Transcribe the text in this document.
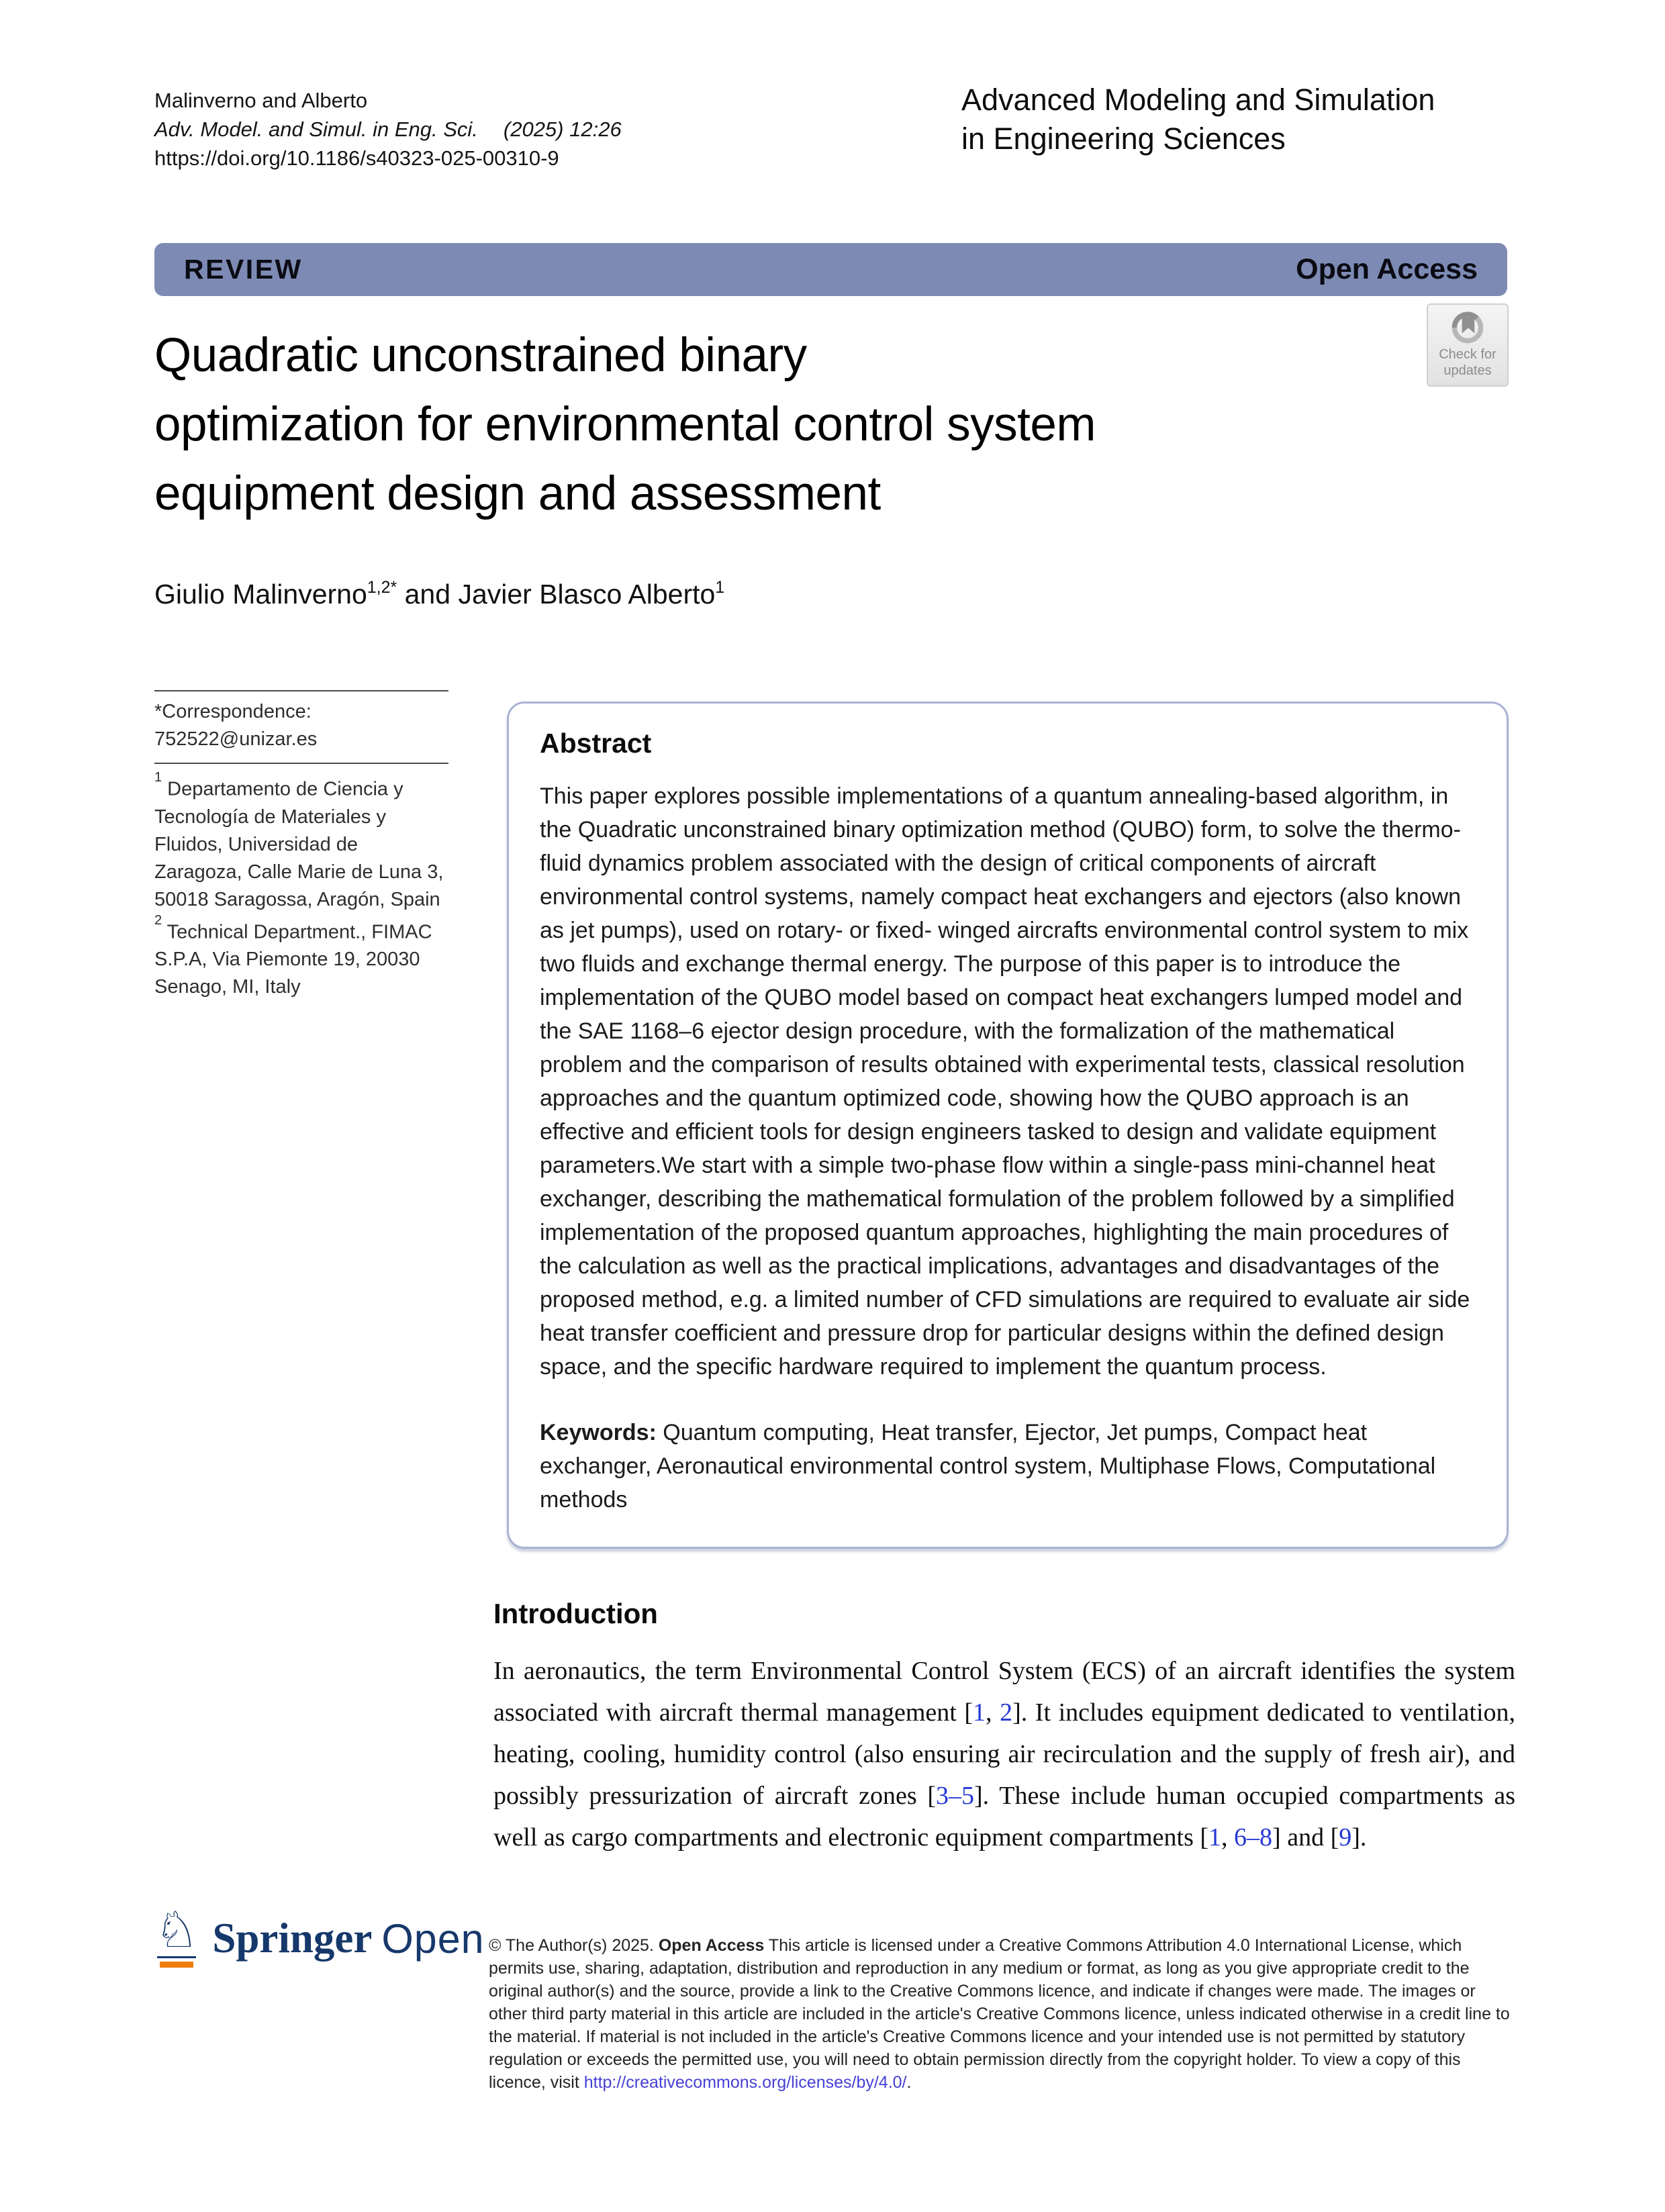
Malinverno and Alberto
Adv. Model. and Simul. in Eng. Sci. (2025) 12:26
https://doi.org/10.1186/s40323-025-00310-9
Advanced Modeling and Simulation
in Engineering Sciences
REVIEW	Open Access
Check for
updates
Quadratic unconstrained binary
optimization for environmental control system
equipment design and assessment
Giulio Malinverno$^{1,2*}$ and Javier Blasco Alberto$^1$
*Correspondence:
752522@unizar.es
$^1$ Departamento de Ciencia y Tecnología de Materiales y Fluidos, Universidad de Zaragoza, Calle Marie de Luna 3, 50018 Saragossa, Aragón, Spain
$^2$ Technical Department., FIMAC S.P.A, Via Piemonte 19, 20030 Senago, MI, Italy
Abstract

This paper explores possible implementations of a quantum annealing-based algorithm, in the Quadratic unconstrained binary optimization method (QUBO) form, to solve the thermo-fluid dynamics problem associated with the design of critical components of aircraft environmental control systems, namely compact heat exchangers and ejectors (also known as jet pumps), used on rotary- or fixed- winged aircrafts environmental control system to mix two fluids and exchange thermal energy. The purpose of this paper is to introduce the implementation of the QUBO model based on compact heat exchangers lumped model and the SAE 1168–6 ejector design procedure, with the formalization of the mathematical problem and the comparison of results obtained with experimental tests, classical resolution approaches and the quantum optimized code, showing how the QUBO approach is an effective and efficient tools for design engineers tasked to design and validate equipment parameters.We start with a simple two-phase flow within a single-pass mini-channel heat exchanger, describing the mathematical formulation of the problem followed by a simplified implementation of the proposed quantum approaches, highlighting the main procedures of the calculation as well as the practical implications, advantages and disadvantages of the proposed method, e.g. a limited number of CFD simulations are required to evaluate air side heat transfer coefficient and pressure drop for particular designs within the defined design space, and the specific hardware required to implement the quantum process.

Keywords: Quantum computing, Heat transfer, Ejector, Jet pumps, Compact heat exchanger, Aeronautical environmental control system, Multiphase Flows, Computational methods

Introduction

In aeronautics, the term Environmental Control System (ECS) of an aircraft identifies the system associated with aircraft thermal management [1, 2]. It includes equipment dedicated to ventilation, heating, cooling, humidity control (also ensuring air recirculation and the supply of fresh air), and possibly pressurization of aircraft zones [3–5]. These include human occupied compartments as well as cargo compartments and electronic equipment compartments [1, 6–8] and [9].

♘ Springer Open © The Author(s) 2025. Open Access This article is licensed under a Creative Commons Attribution 4.0 International License, which permits use, sharing, adaptation, distribution and reproduction in any medium or format, as long as you give appropriate credit to the original author(s) and the source, provide a link to the Creative Commons licence, and indicate if changes were made. The images or other third party material in this article are included in the article's Creative Commons licence, unless indicated otherwise in a credit line to the material. If material is not included in the article's Creative Commons licence and your intended use is not permitted by statutory regulation or exceeds the permitted use, you will need to obtain permission directly from the copyright holder. To view a copy of this licence, visit http://creativecommons.org/licenses/by/4.0/.
